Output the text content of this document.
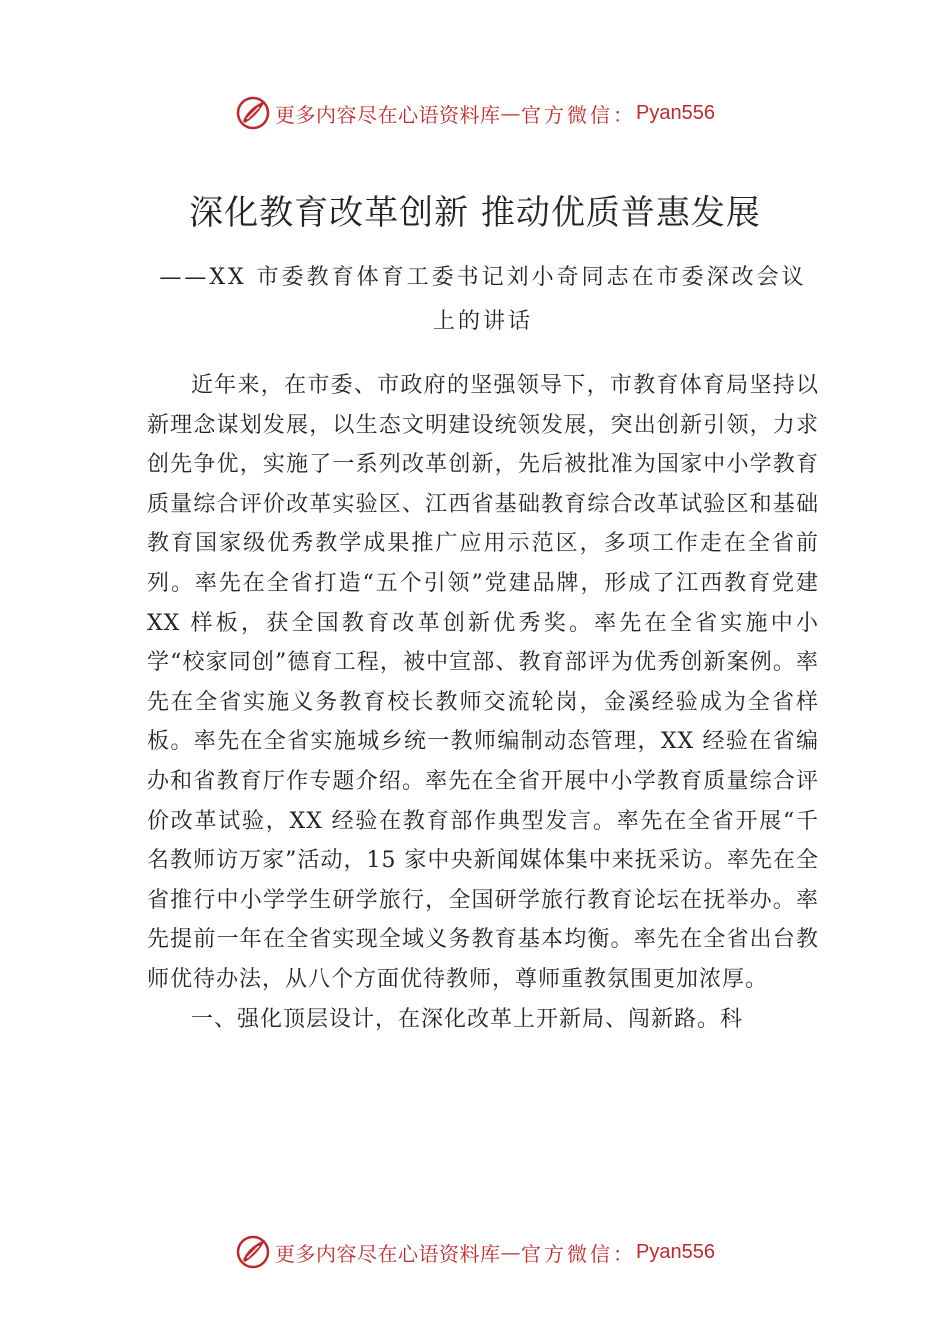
更多内容尽在心语资料库 — 官方微信： Pyan556
深化教育改革创新 推动优质普惠发展
——XX 市委教育体育工委书记刘小奇同志在市委深改会议上的讲话

近年来，在市委、市政府的坚强领导下，市教育体育局坚持以新理念谋划发展，以生态文明建设统领发展，突出创新引领，力求创先争优，实施了一系列改革创新，先后被批准为国家中小学教育质量综合评价改革实验区、江西省基础教育综合改革试验区和基础教育国家级优秀教学成果推广应用示范区，多项工作走在全省前列。率先在全省打造“五个引领”党建品牌，形成了江西教育党建 XX 样板，获全国教育改革创新优秀奖。率先在全省实施中小学“校家同创”德育工程，被中宣部、教育部评为优秀创新案例。率先在全省实施义务教育校长教师交流轮岗，金溪经验成为全省样板。率先在全省实施城乡统一教师编制动态管理，XX 经验在省编办和省教育厅作专题介绍。率先在全省开展中小学教育质量综合评价改革试验，XX 经验在教育部作典型发言。率先在全省开展“千名教师访万家”活动，15 家中央新闻媒体集中来抚采访。率先在全省推行中小学学生研学旅行，全国研学旅行教育论坛在抚举办。率先提前一年在全省实现全域义务教育基本均衡。率先在全省出台教师优待办法，从八个方面优待教师，尊师重教氛围更加浓厚。

一、强化顶层设计，在深化改革上开新局、闯新路。科

更多内容尽在心语资料库 — 官方微信： Pyan556
